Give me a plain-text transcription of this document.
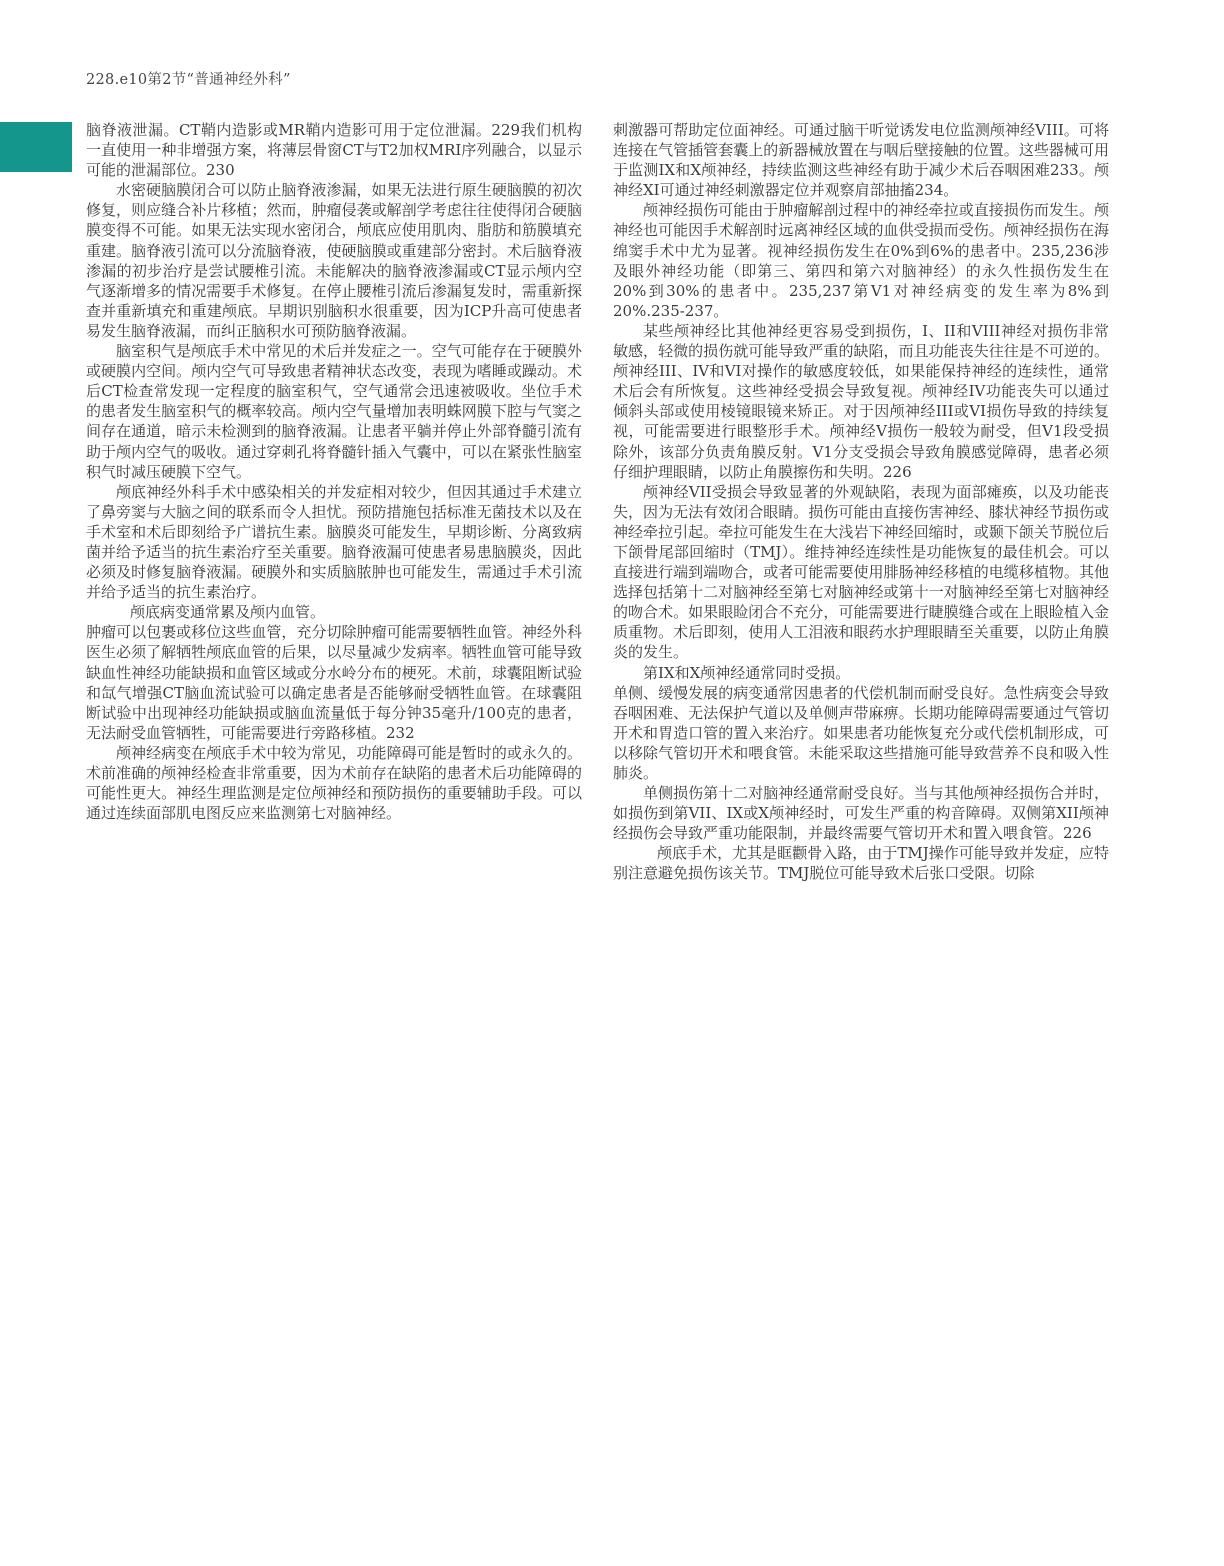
228.e10第2节“普通神经外科”

脑脊液泄漏。CT鞘内造影或MR鞘内造影可用于定位泄漏。229我们机构一直使用一种非增强方案，将薄层骨窗CT与T2加权MRI序列融合，以显示可能的泄漏部位。230

水密硬脑膜闭合可以防止脑脊液渗漏，如果无法进行原生硬脑膜的初次修复，则应缝合补片移植；然而，肿瘤侵袭或解剖学考虑往往使得闭合硬脑膜变得不可能。如果无法实现水密闭合，颅底应使用肌肉、脂肪和筋膜填充重建。脑脊液引流可以分流脑脊液，使硬脑膜或重建部分密封。术后脑脊液渗漏的初步治疗是尝试腰椎引流。未能解决的脑脊液渗漏或CT显示颅内空气逐渐增多的情况需要手术修复。在停止腰椎引流后渗漏复发时，需重新探查并重新填充和重建颅底。早期识别脑积水很重要，因为ICP升高可使患者易发生脑脊液漏，而纠正脑积水可预防脑脊液漏。

脑室积气是颅底手术中常见的术后并发症之一。空气可能存在于硬膜外或硬膜内空间。颅内空气可导致患者精神状态改变，表现为嗜睡或躁动。术后CT检查常发现一定程度的脑室积气，空气通常会迅速被吸收。坐位手术的患者发生脑室积气的概率较高。颅内空气量增加表明蛛网膜下腔与气窦之间存在通道，暗示未检测到的脑脊液漏。让患者平躺并停止外部脊髓引流有助于颅内空气的吸收。通过穿刺孔将脊髓针插入气囊中，可以在紧张性脑室积气时减压硬膜下空气。

颅底神经外科手术中感染相关的并发症相对较少，但因其通过手术建立了鼻旁窦与大脑之间的联系而令人担忧。预防措施包括标准无菌技术以及在手术室和术后即刻给予广谱抗生素。脑膜炎可能发生，早期诊断、分离致病菌并给予适当的抗生素治疗至关重要。脑脊液漏可使患者易患脑膜炎，因此必须及时修复脑脊液漏。硬膜外和实质脑脓肿也可能发生，需通过手术引流并给予适当的抗生素治疗。

颅底病变通常累及颅内血管。

肿瘤可以包裹或移位这些血管，充分切除肿瘤可能需要牺牲血管。神经外科医生必须了解牺牲颅底血管的后果，以尽量减少发病率。牺牲血管可能导致缺血性神经功能缺损和血管区域或分水岭分布的梗死。术前，球囊阻断试验和氙气增强CT脑血流试验可以确定患者是否能够耐受牺牲血管。在球囊阻断试验中出现神经功能缺损或脑血流量低于每分钟35毫升/100克的患者，无法耐受血管牺牲，可能需要进行旁路移植。232

颅神经病变在颅底手术中较为常见，功能障碍可能是暂时的或永久的。术前准确的颅神经检查非常重要，因为术前存在缺陷的患者术后功能障碍的可能性更大。神经生理监测是定位颅神经和预防损伤的重要辅助手段。可以通过连续面部肌电图反应来监测第七对脑神经。

刺激器可帮助定位面神经。可通过脑干听觉诱发电位监测颅神经VIII。可将连接在气管插管套囊上的新器械放置在与咽后壁接触的位置。这些器械可用于监测IX和X颅神经，持续监测这些神经有助于减少术后吞咽困难233。颅神经XI可通过神经刺激器定位并观察肩部抽搐234。

颅神经损伤可能由于肿瘤解剖过程中的神经牵拉或直接损伤而发生。颅神经也可能因手术解剖时远离神经区域的血供受损而受伤。颅神经损伤在海绵窦手术中尤为显著。视神经损伤发生在0%到6%的患者中。235,236涉及眼外神经功能（即第三、第四和第六对脑神经）的永久性损伤发生在20%到30%的患者中。235,237第V1对神经病变的发生率为8%到20%.235-237。

某些颅神经比其他神经更容易受到损伤，I、II和VIII神经对损伤非常敏感，轻微的损伤就可能导致严重的缺陷，而且功能丧失往往是不可逆的。颅神经III、IV和VI对操作的敏感度较低，如果能保持神经的连续性，通常术后会有所恢复。这些神经受损会导致复视。颅神经IV功能丧失可以通过倾斜头部或使用棱镜眼镜来矫正。对于因颅神经III或VI损伤导致的持续复视，可能需要进行眼整形手术。颅神经V损伤一般较为耐受，但V1段受损除外，该部分负责角膜反射。V1分支受损会导致角膜感觉障碍，患者必须仔细护理眼睛，以防止角膜擦伤和失明。226

颅神经VII受损会导致显著的外观缺陷，表现为面部瘫痪，以及功能丧失，因为无法有效闭合眼睛。损伤可能由直接伤害神经、膝状神经节损伤或神经牵拉引起。牵拉可能发生在大浅岩下神经回缩时，或颞下颌关节脱位后下颌骨尾部回缩时（TMJ）。维持神经连续性是功能恢复的最佳机会。可以直接进行端到端吻合，或者可能需要使用腓肠神经移植的电缆移植物。其他选择包括第十二对脑神经至第七对脑神经或第十一对脑神经至第七对脑神经的吻合术。如果眼睑闭合不充分，可能需要进行睫膜缝合或在上眼睑植入金质重物。术后即刻，使用人工泪液和眼药水护理眼睛至关重要，以防止角膜炎的发生。

第IX和X颅神经通常同时受损。

单侧、缓慢发展的病变通常因患者的代偿机制而耐受良好。急性病变会导致吞咽困难、无法保护气道以及单侧声带麻痹。长期功能障碍需要通过气管切开术和胃造口管的置入来治疗。如果患者功能恢复充分或代偿机制形成，可以移除气管切开术和喂食管。未能采取这些措施可能导致营养不良和吸入性肺炎。

单侧损伤第十二对脑神经通常耐受良好。当与其他颅神经损伤合并时，如损伤到第VII、IX或X颅神经时，可发生严重的构音障碍。双侧第XII颅神经损伤会导致严重功能限制，并最终需要气管切开术和置入喂食管。226

颅底手术，尤其是眶颧骨入路，由于TMJ操作可能导致并发症，应特别注意避免损伤该关节。TMJ脱位可能导致术后张口受限。切除
